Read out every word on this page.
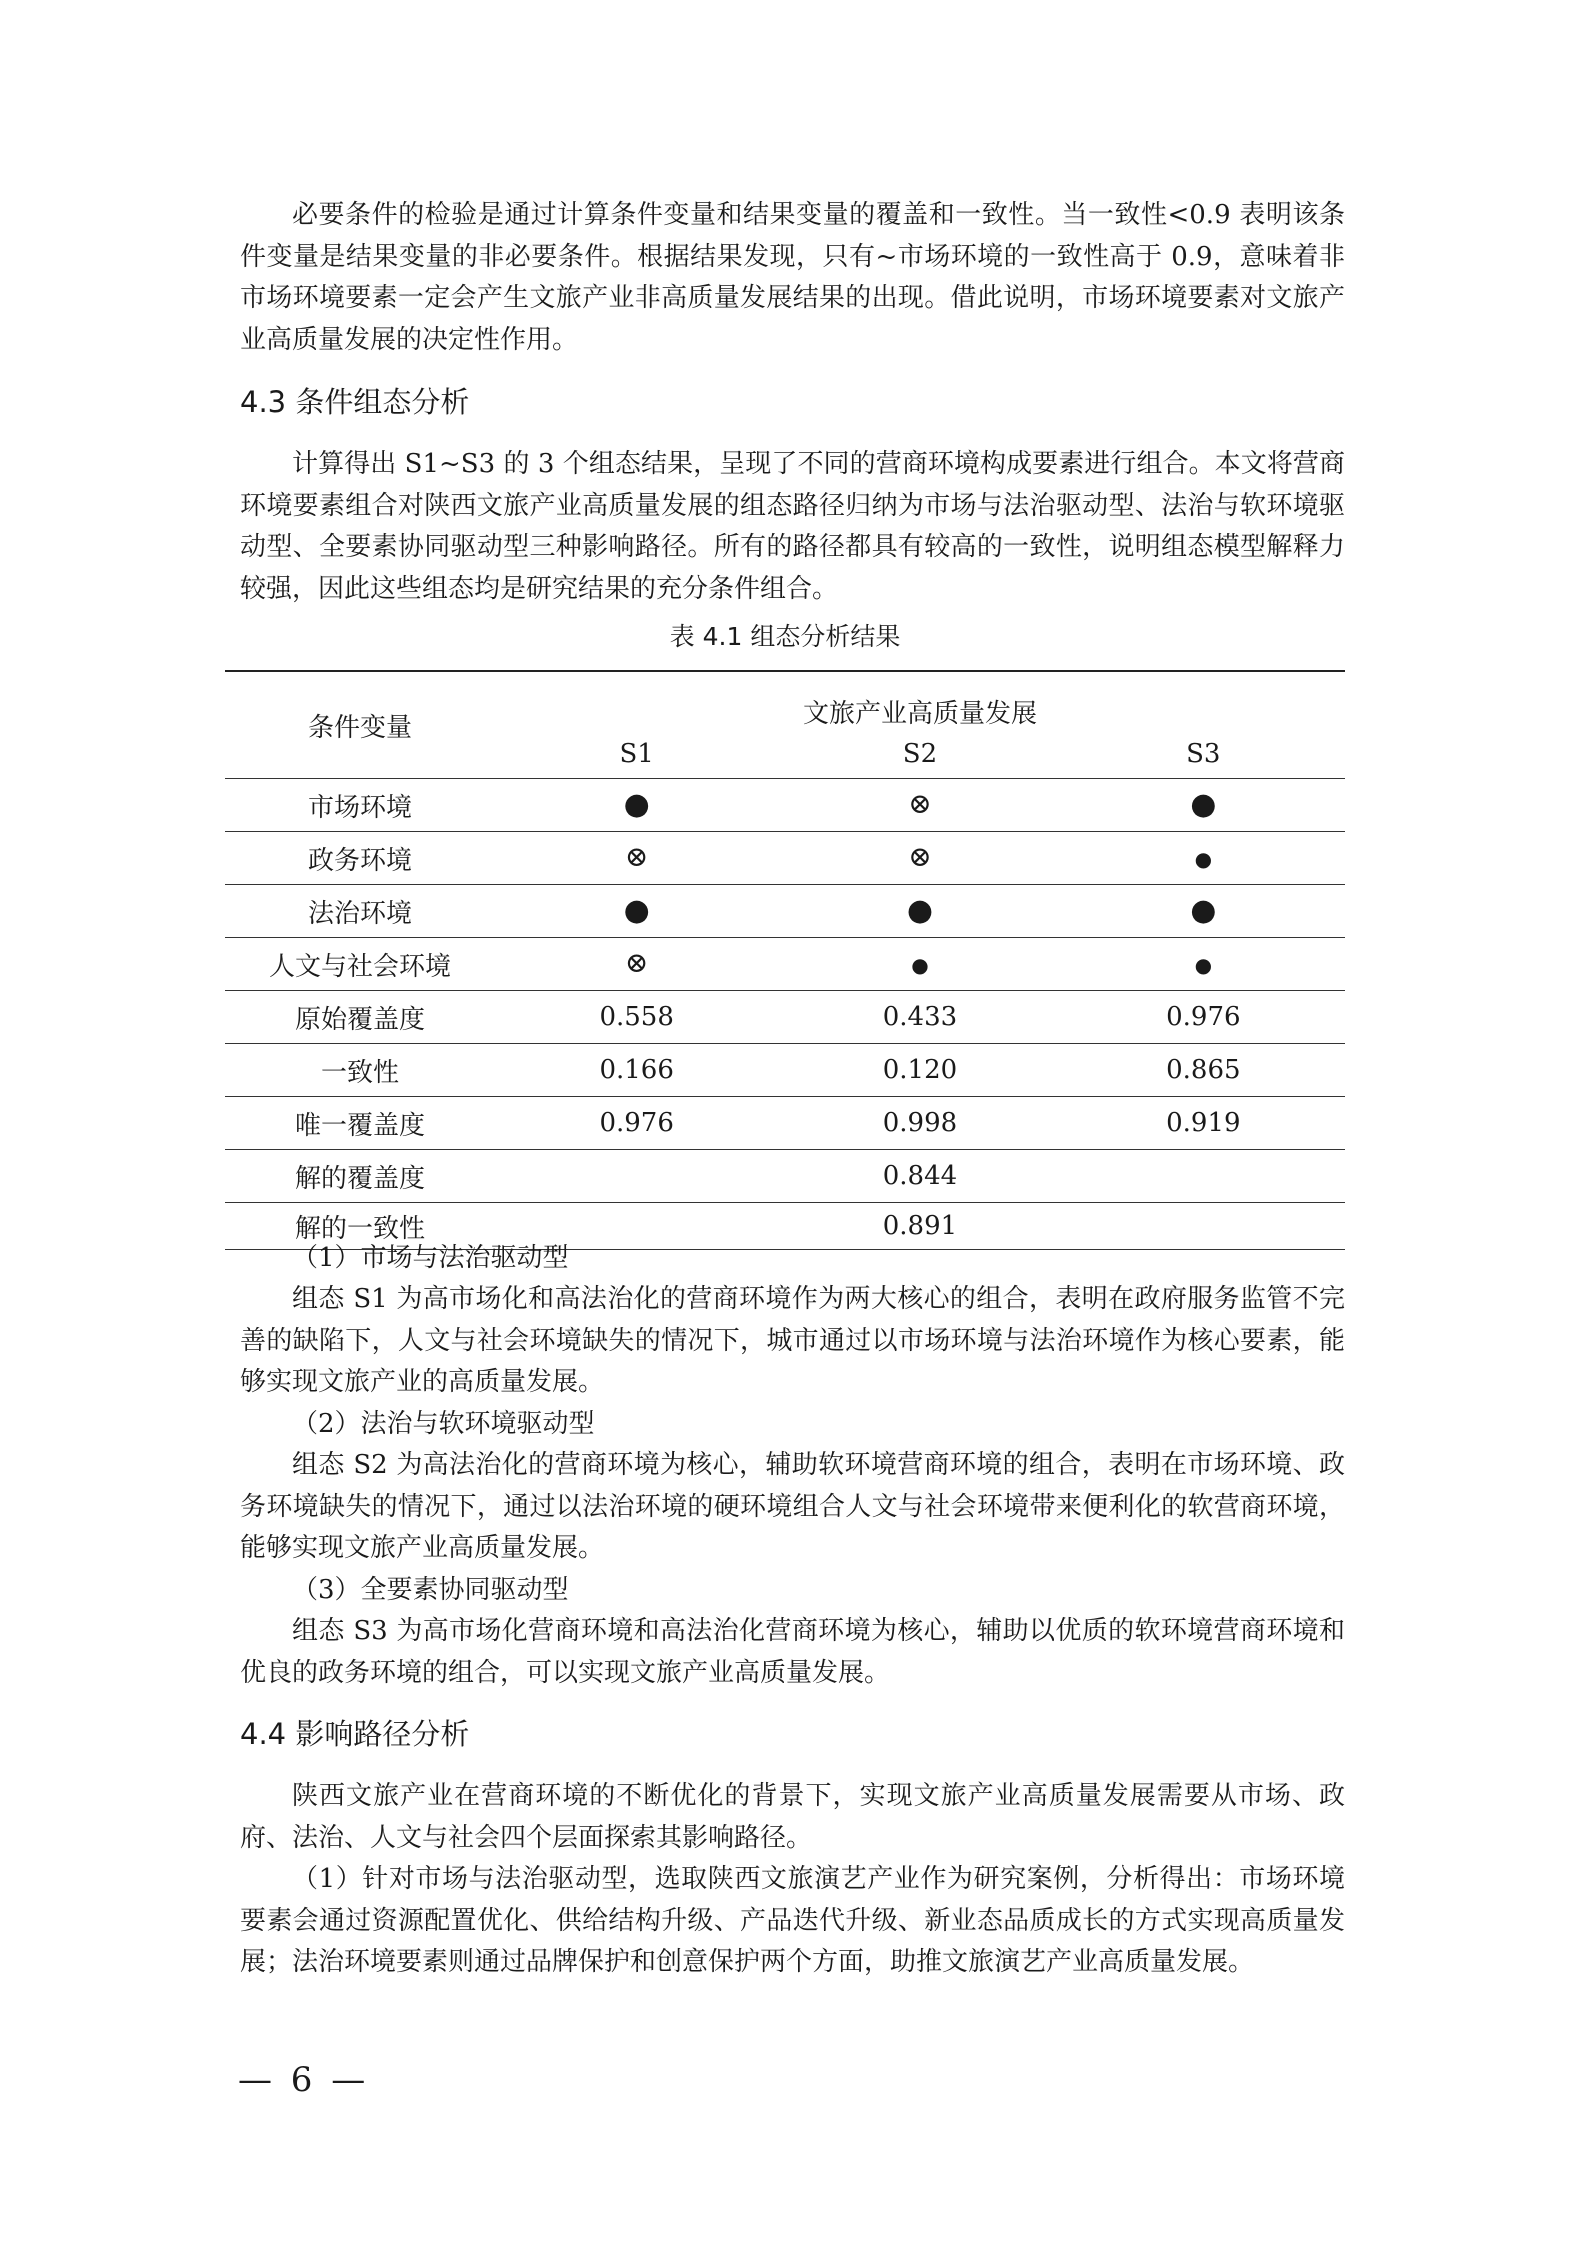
必要条件的检验是通过计算条件变量和结果变量的覆盖和一致性。当一致性<0.9 表明该条件变量是结果变量的非必要条件。根据结果发现，只有~市场环境的一致性高于 0.9，意味着非市场环境要素一定会产生文旅产业非高质量发展结果的出现。借此说明，市场环境要素对文旅产业高质量发展的决定性作用。

4.3 条件组态分析

计算得出 S1~S3 的 3 个组态结果，呈现了不同的营商环境构成要素进行组合。本文将营商环境要素组合对陕西文旅产业高质量发展的组态路径归纳为市场与法治驱动型、法治与软环境驱动型、全要素协同驱动型三种影响路径。所有的路径都具有较高的一致性，说明组态模型解释力较强，因此这些组态均是研究结果的充分条件组合。

表 4.1 组态分析结果

条件变量	文旅产业高质量发展		
	S1	S2	S3
市场环境	●	⊗	●
政务环境	⊗	⊗	●
法治环境	●	●	●
人文与社会环境	⊗	●	●
原始覆盖度	0.558	0.433	0.976
一致性	0.166	0.120	0.865
唯一覆盖度	0.976	0.998	0.919
解的覆盖度		0.844	
解的一致性		0.891	

（1）市场与法治驱动型

组态 S1 为高市场化和高法治化的营商环境作为两大核心的组合，表明在政府服务监管不完善的缺陷下，人文与社会环境缺失的情况下，城市通过以市场环境与法治环境作为核心要素，能够实现文旅产业的高质量发展。

（2）法治与软环境驱动型

组态 S2 为高法治化的营商环境为核心，辅助软环境营商环境的组合，表明在市场环境、政务环境缺失的情况下，通过以法治环境的硬环境组合人文与社会环境带来便利化的软营商环境，能够实现文旅产业高质量发展。

（3）全要素协同驱动型

组态 S3 为高市场化营商环境和高法治化营商环境为核心，辅助以优质的软环境营商环境和优良的政务环境的组合，可以实现文旅产业高质量发展。

4.4 影响路径分析

陕西文旅产业在营商环境的不断优化的背景下，实现文旅产业高质量发展需要从市场、政府、法治、人文与社会四个层面探索其影响路径。

（1）针对市场与法治驱动型，选取陕西文旅演艺产业作为研究案例，分析得出：市场环境要素会通过资源配置优化、供给结构升级、产品迭代升级、新业态品质成长的方式实现高质量发展；法治环境要素则通过品牌保护和创意保护两个方面，助推文旅演艺产业高质量发展。

— 6 —
